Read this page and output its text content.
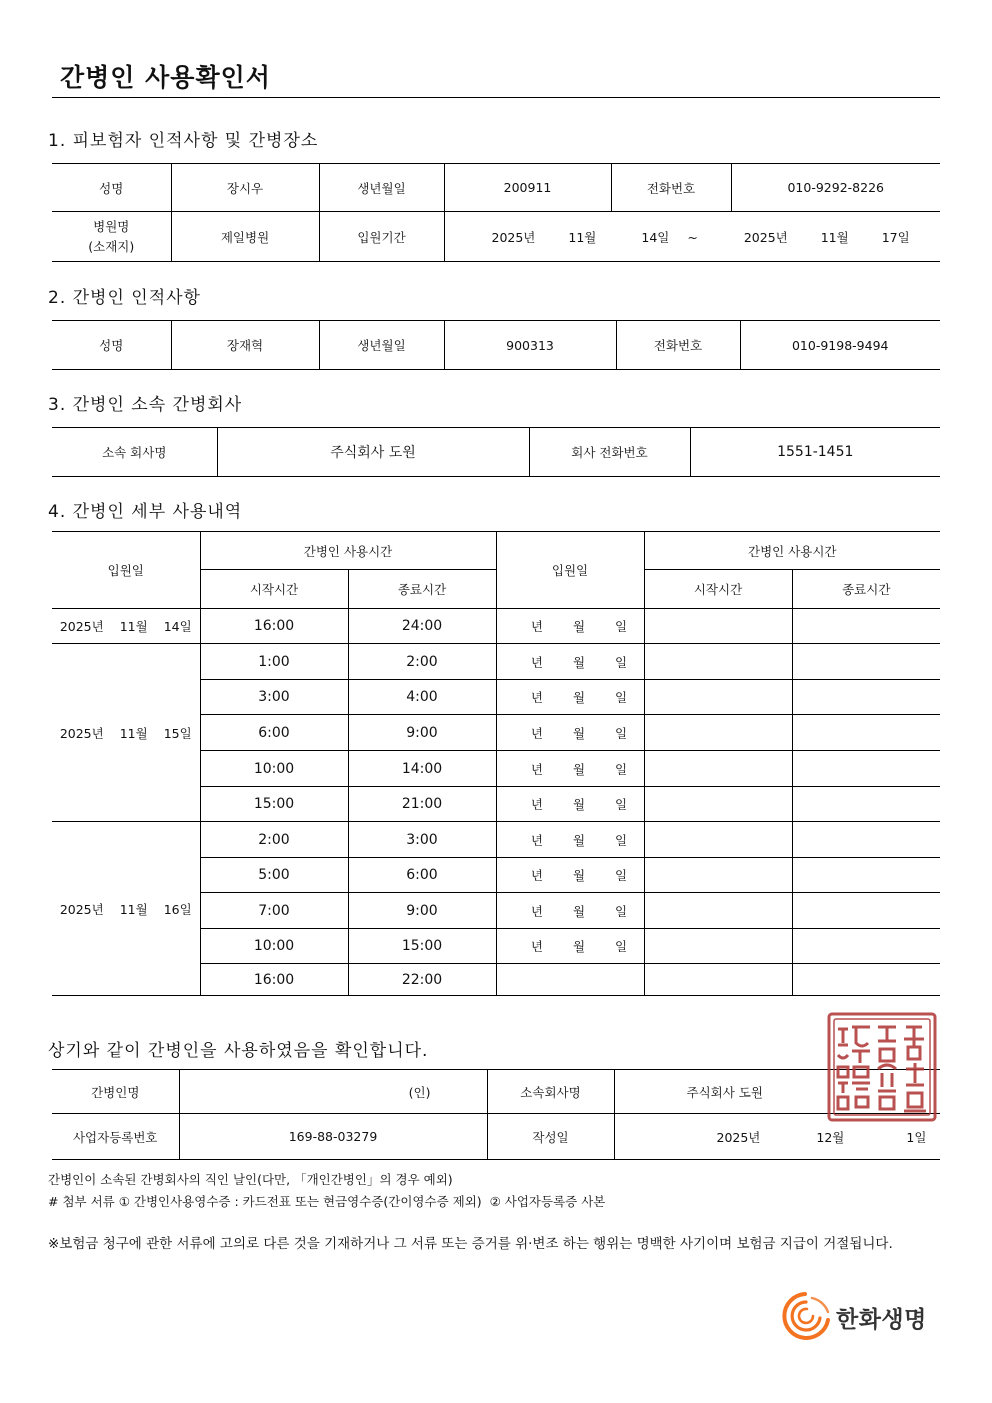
간병인 사용확인서
1. 피보험자 인적사항 및 간병장소
성명	장시우	생년월일	200911	전화번호	010-9292-8226

병원명
(소재지)	제일병원	입원기간	2025년 11월 14일 ~ 2025년 11월 17일		
2. 간병인 인적사항
성명	장재혁	생년월일	900313	전화번호	010-9198-9494
3. 간병인 소속 간병회사
소속 회사명	주식회사 도원	회사 전화번호	1551-1451
4. 간병인 세부 사용내역
입원일	간병인 사용시간		입원일	간병인 사용시간	
	시작시간	종료시간		시작시간	종료시간
2025년 11월 14일	16:00	24:00	년 월 일		
2025년 11월 15일	1:00	2:00	년 월 일		
	3:00	4:00	년 월 일		
	6:00	9:00	년 월 일		
	10:00	14:00	년 월 일		
	15:00	21:00	년 월 일		
2025년 11월 16일	2:00	3:00	년 월 일		
	5:00	6:00	년 월 일		
	7:00	9:00	년 월 일		
	10:00	15:00	년 월 일		
	16:00	22:00			
상기와 같이 간병인을 사용하였음을 확인합니다.
간병인명	(인)	소속회사명	주식회사 도원
사업자등록번호	169-88-03279	작성일	2025년 12월 1일
간병인이 소속된 간병회사의 직인 날인(다만, 「개인간병인」의 경우 예외)
# 첨부 서류 ① 간병인사용영수증 : 카드전표 또는 현금영수증(간이영수증 제외)  ② 사업자등록증 사본
※보험금 청구에 관한 서류에 고의로 다른 것을 기재하거나 그 서류 또는 증거를 위·변조 하는 행위는 명백한 사기이며 보험금 지급이 거절됩니다.
한화생명
